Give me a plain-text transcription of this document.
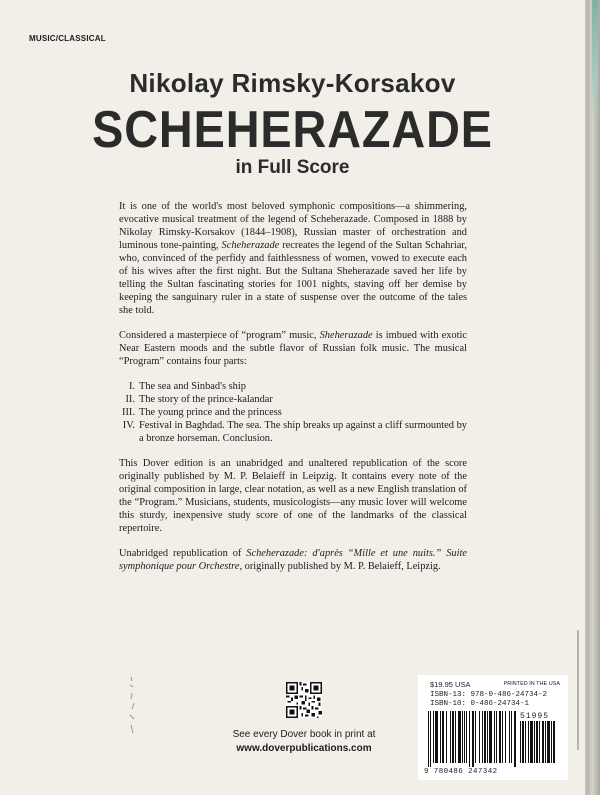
MUSIC/CLASSICAL
Nikolay Rimsky-Korsakov
SCHEHERAZADE
in Full Score

It is one of the world's most beloved symphonic compositions—a shimmering, evocative musical treatment of the legend of Scheherazade. Composed in 1888 by Nikolay Rimsky-Korsakov (1844–1908), Russian master of orchestration and luminous tone-painting, Scheherazade recreates the legend of the Sultan Schahriar, who, convinced of the perfidy and faithlessness of women, vowed to execute each of his wives after the first night. But the Sultana Sheherazade saved her life by telling the Sultan fascinating stories for 1001 nights, staving off her demise by keeping the sanguinary ruler in a state of suspense over the outcome of the tales she told.

Considered a masterpiece of “program” music, Sheherazade is imbued with exotic Near Eastern moods and the subtle flavor of Russian folk music. The musical “Program” contains four parts:

I. The sea and Sinbad's ship
II. The story of the prince-kalandar
III. The young prince and the princess
IV. Festival in Baghdad. The sea. The ship breaks up against a cliff surmounted by a bronze horseman. Conclusion.

This Dover edition is an unabridged and unaltered republication of the score originally published by M. P. Belaieff in Leipzig. It contains every note of the original composition in large, clear notation, as well as a new English translation of the “Program.” Musicians, students, musicologists—any music lover will welcome this sturdy, inexpensive study score of one of the landmarks of the classical repertoire.

Unabridged republication of Scheherazade: d'après “Mille et une nuits.” Suite symphonique pour Orchestre, originally published by M. P. Belaieff, Leipzig.

See every Dover book in print at
www.doverpublications.com
$19.95 USA	PRINTED IN THE USA
ISBN-13: 978-0-486-24734-2
ISBN-10: 0-486-24734-1
51995
9 780486 247342
